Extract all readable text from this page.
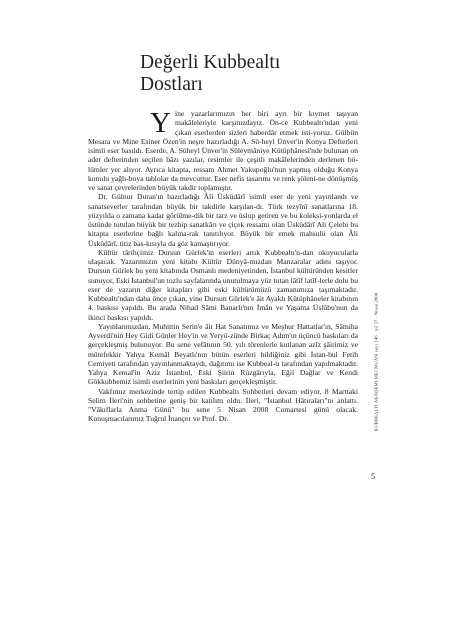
Değerli Kubbealtı
Dostları

Yine yazarlarımızın her biri ayrı bir kıymet taşıyan makāleleriyle karşınızdayız. Ön-ce Kubbealtı'ndan yeni çıkan eserlerden sizleri haberdâr etmek isti-yoruz. Gülbün Mesara ve Mine Esiner Özen'in neşre hazırladığı A. Sü-heyl Ünver'in Konya Defterleri isimli eser basıldı. Eserde, A. Süheyl Ünver'in Süleymâniye Kütüphânesi'nde bulunan on adet defterinden seçilen bâzı yazılar, resimler ile çeşitli makālelerinden derlenen bö-lümler yer alıyor. Ayrıca kitapta, ressam Ahmet Yakupoğlu'nun yapmış olduğu Konya konulu yağlı-boya tablolar da mevcuttur. Eser nefis tasarımı ve renk şöleni-ne dönüşmüş ve sanat çevrelerinden büyük takdir toplamıştır.

Dr. Gülnur Duran'ın hazırladığı Âli Üsküdârî isimli eser de yeni yayınlandı ve sanatseverler tarafından büyük bir takdirle karşılan-dı. Türk tezyînî sanatlarına 18. yüzyılda o zamana kadar görülme-dik bir tarz ve üslup getiren ve bu koleksi-yonlarda el üstünde tutulan büyük bir tezhip sanatkârı ve çiçek ressamı olan Üsküdârî Ali Çelebi bu kitapta eserlerine bağlı kalına-rak tanıtılıyor. Büyük bir emek mahsulü olan Âli Üsküdârî, titiz bas-kısıyla da göz kamaştırıyor.

Kültür târihçimiz Dursun Gürlek'in eserleri artık Kubbealtı'n-dan okuyucularla ulaşacak. Yazarımızın yeni kitabı Kültür Dünyâ-mızdan Manzaralar adını taşıyor. Dursun Gürlek bu yeni kitabında Osmanlı medeniyetinden, İstanbul kültüründen kesitler sunuyor, Eski İstanbul'un tozlu sayfalarında unutulmaya yüz tutan lâtîf latîf-lerle dolu bu eser de yazarın diğer kitapları gibi eski kültürümüzü zamanımıza taşımaktadır. Kubbealtı'ndan daha önce çıkan, yine Dursun Gürlek'e âit Ayaklı Kütüphâneler kitabının 4. baskısı yapıldı. Bu arada Nihad Sâmi Banarlı'nın İmân ve Yaşama Üslûbu'nun da ikinci baskısı yapıldı.

Yayınlarımızdan, Muhittin Serin'e âit Hat Sanatımız ve Meşhur Hattatlar'ın, Sâmiha Ayverdi'nin Hey Gidi Günler Hey'in ve Yeryü-zünde Birkaç Adım'ın üçüncü baskıları da gerçekleşmiş bulunuyor. Bu sene vefâtının 50. yılı törenlerle kutlanan azîz şâirimiz ve mütefekkir Yahya Kemâl Beyatlı'nın bütün eserleri bildiğiniz gibi İstan-bul Fetih Cemiyeti tarafından yayınlanmaktaydı, dağıtımı ise Kubbeal-tı tarafından yapılmaktadır. Yahya Kemal'in Aziz İstanbul, Eski Şiirin Rüzgârıyla, Eğil Dağlar ve Kendi Gökkubbemiz isimli eserlerinin yeni baskıları gerçekleşmiştir.

Vakfımız merkezinde tertip edilen Kubbealtı Sohbetleri devam ediyor. 8 Marttaki Selim İleri'nin sohbetine geniş bir katılım oldu. İleri, "İstanbul Hâtıraları"nı anlattı. "Vâkıflarla Anma Günü" bu sene 5 Nisan 2008 Cumartesi günü olacak. Konuşmacılarımız Tuğrul İnançer ve Prof. Dr.	KUBBEALTI AKADEMİ MECMUASI sayı 146 · yıl 37 · Nisan 2008
5
